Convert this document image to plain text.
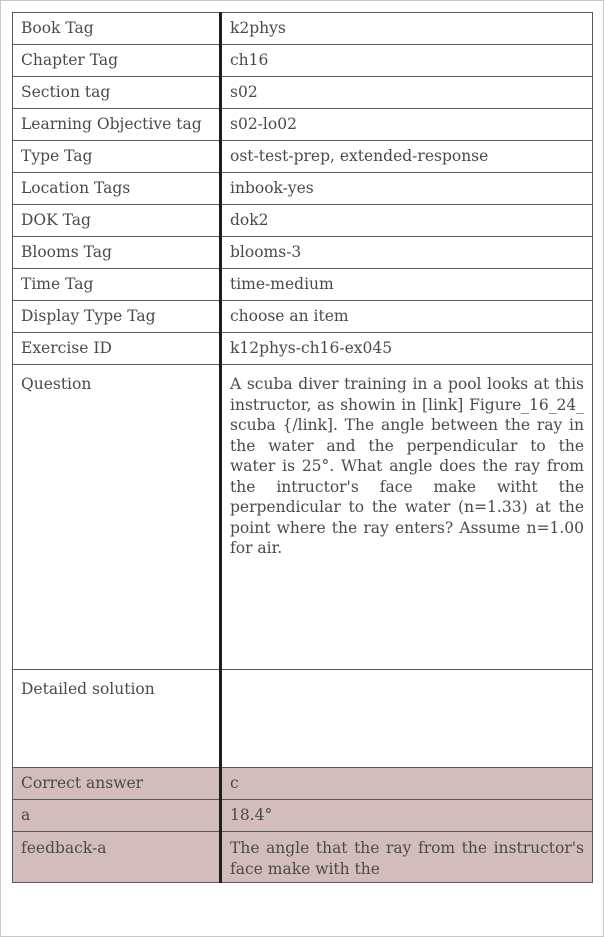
Book Tag	k2phys
Chapter Tag	ch16
Section tag	s02
Learning Objective tag	s02-lo02
Type Tag	ost-test-prep, extended-response
Location Tags	inbook-yes
DOK Tag	dok2
Blooms Tag	blooms-3
Time Tag	time-medium
Display Type Tag	choose an item
Exercise ID	k12phys-ch16-ex045
Question	A scuba diver training in a pool looks at this instructor, as showin in [link] Figure_16_24_ scuba {/link]. The angle between the ray in the water and the perpendicular to the water is 25°. What angle does the ray from the intructor's face make witht the perpendicular to the water (n=1.33) at the point where the ray enters? Assume n=1.00 for air.
Detailed solution	
Correct answer	c
a	18.4°
feedback-a	The angle that the ray from the instructor's face make with the
